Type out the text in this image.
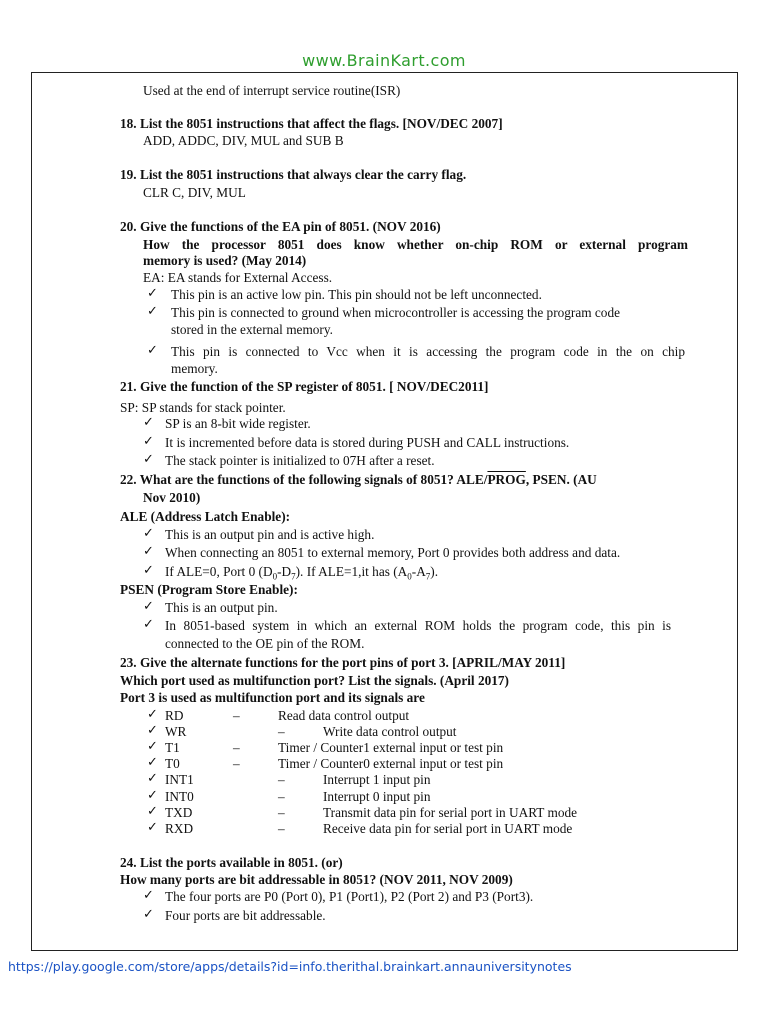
www.BrainKart.com
Used at the end of interrupt service routine(ISR)
18. List the 8051 instructions that affect the flags. [NOV/DEC 2007]
ADD, ADDC, DIV, MUL and SUB B
19. List the 8051 instructions that always clear the carry flag.
CLR C, DIV, MUL
20. Give the functions of the EA pin of 8051. (NOV 2016)
How the processor 8051 does know whether on-chip ROM or external program
memory is used? (May 2014)
EA: EA stands for External Access.
✓ This pin is an active low pin. This pin should not be left unconnected.
✓ This pin is connected to ground when microcontroller is accessing the program code
stored in the external memory.
✓ This pin is connected to Vcc when it is accessing the program code in the on chip
memory.
21. Give the function of the SP register of 8051. [ NOV/DEC2011]
SP: SP stands for stack pointer.
✓ SP is an 8-bit wide register.
✓ It is incremented before data is stored during PUSH and CALL instructions.
✓ The stack pointer is initialized to 07H after a reset.
22. What are the functions of the following signals of 8051? ALE/PROG, PSEN. (AU
Nov 2010)
ALE (Address Latch Enable):
✓ This is an output pin and is active high.
✓ When connecting an 8051 to external memory, Port 0 provides both address and data.
✓ If ALE=0, Port 0 $(D_0-D_7)$. If ALE=1,it has $(A_0-A_7)$.
PSEN (Program Store Enable):
✓ This is an output pin.
✓ In 8051-based system in which an external ROM holds the program code, this pin is
connected to the OE pin of the ROM.
23. Give the alternate functions for the port pins of port 3. [APRIL/MAY 2011]
Which port used as multifunction port? List the signals. (April 2017)
Port 3 is used as multifunction port and its signals are
✓ RD	–	Read data control output
✓ WR	–	Write data control output
✓ T1	–	Timer / Counter1 external input or test pin
✓ T0	–	Timer / Counter0 external input or test pin
✓ INT1	–	Interrupt 1 input pin
✓ INT0	–	Interrupt 0 input pin
✓ TXD	–	Transmit data pin for serial port in UART mode
✓ RXD	–	Receive data pin for serial port in UART mode
24. List the ports available in 8051. (or)
How many ports are bit addressable in 8051? (NOV 2011, NOV 2009)
✓ The four ports are P0 (Port 0), P1 (Port1), P2 (Port 2) and P3 (Port3).
✓ Four ports are bit addressable.
https://play.google.com/store/apps/details?id=info.therithal.brainkart.annauniversitynotes
